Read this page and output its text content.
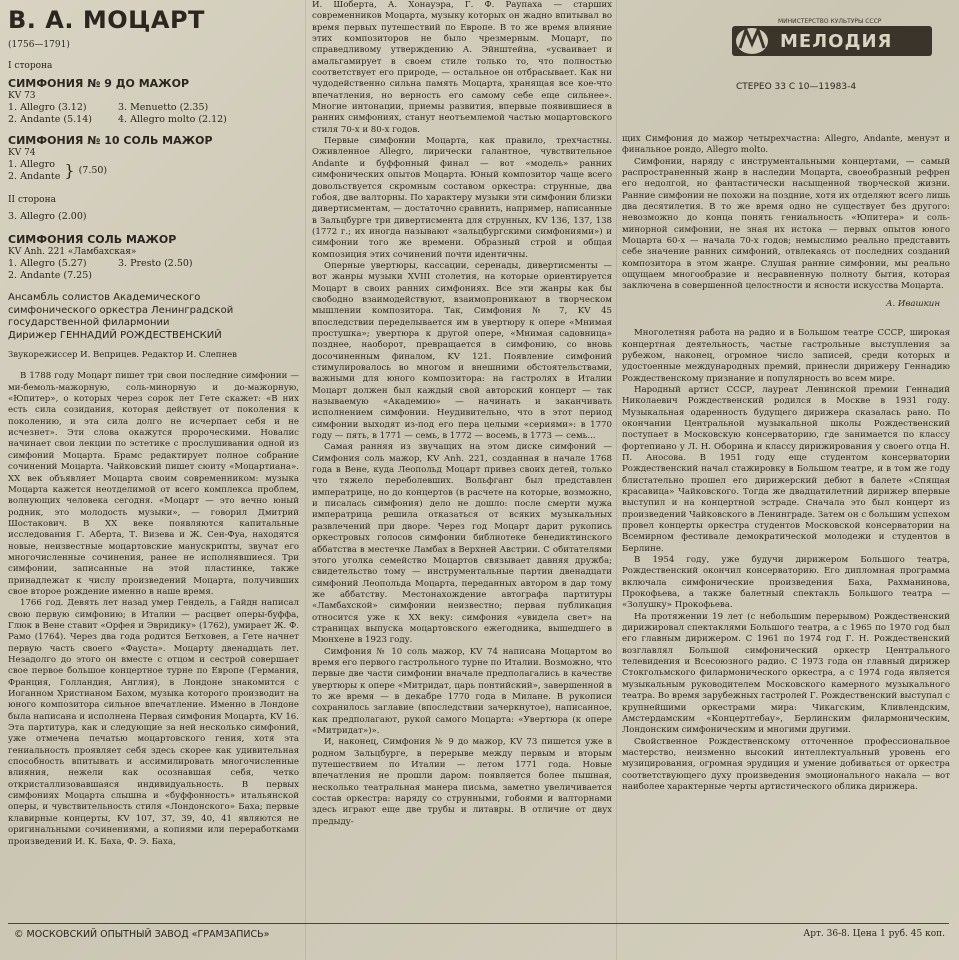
В. А. МОЦАРТ
(1756—1791)
I сторона
СИМФОНИЯ № 9 ДО МАЖОР
KV 73
1. Allegro (3.12)	3. Menuetto (2.35)
2. Andante (5.14)	4. Allegro molto (2.12)
СИМФОНИЯ № 10 СОЛЬ МАЖОР
KV 74
1. Allegro
2. Andante } (7.50)
II сторона
3. Allegro (2.00)
СИМФОНИЯ СОЛЬ МАЖОР
KV Anh. 221 «Ламбахская»
1. Allegro (5.27)	3. Presto (2.50)
2. Andante (7.25)
Ансамбль солистов Академического
симфонического оркестра Ленинградской
государственной филармонии
Дирижер ГЕННАДИЙ РОЖДЕСТВЕНСКИЙ
Звукорежиссер И. Веприцев. Редактор И. Слепнев

В 1788 году Моцарт пишет три свои последние симфонии — ми-бемоль-мажорную, соль-минорную и до-мажорную, «Юпитер», о которых через сорок лет Гете скажет: «В них есть сила созидания, которая действует от поколения к поколению, и эта сила долго не исчерпает себя и не исчезнет». Эти слова окажутся пророческими. Новалис начинает свои лекции по эстетике с прослушивания одной из симфоний Моцарта. Брамс редактирует полное собрание сочинений Моцарта. Чайковский пишет сюиту «Моцартиана». XX век объявляет Моцарта своим современником: музыка Моцарта кажется неотделимой от всего комплекса проблем, волнующих человека сегодня. «Моцарт — это вечно юный родник, это молодость музыки», — говорил Дмитрий Шостакович. В XX веке появляются капитальные исследования Г. Аберта, Т. Визева и Ж. Сен-Фуа, находятся новые, неизвестные моцартовские манускрипты, звучат его многочисленные сочинения, ранее не исполнявшиеся. Три симфонии, записанные на этой пластинке, также принадлежат к числу произведений Моцарта, получивших свое второе рождение именно в наше время.

1766 год. Девять лет назад умер Гендель, а Гайдн написал свою первую симфонию; в Италии — расцвет оперы-буффа, Глюк в Вене ставит «Орфея и Эвридику» (1762), умирает Ж. Ф. Рамо (1764). Через два года родится Бетховен, а Гете начнет первую часть своего «Фауста». Моцарту двенадцать лет. Незадолго до этого он вместе с отцом и сестрой совершает свое первое большое концертное турне по Европе (Германия, Франция, Голландия, Англия), в Лондоне знакомится с Иоганном Христианом Бахом, музыка которого производит на юного композитора сильное впечатление. Именно в Лондоне была написана и исполнена Первая симфония Моцарта, KV 16. Эта партитура, как и следующие за ней несколько симфоний, уже отмечена печатью моцартовского гения, хотя эта гениальность проявляет себя здесь скорее как удивительная способность впитывать и ассимилировать многочисленные влияния, нежели как осознавшая себя, четко откристаллизовавшаяся индивидуальность. В первых симфониях Моцарта слышна и «буффонность» итальянской оперы, и чувствительность стиля «Лондонского» Баха; первые клавирные концерты, KV 107, 37, 39, 40, 41 являются не оригинальными сочинениями, а копиями или переработками произведений И. К. Баха, Ф. Э. Баха,

И. Шоберта, А. Хонауэра, Г. Ф. Раупаха — старших современников Моцарта, музыку которых он жадно впитывал во время первых путешествий по Европе. В то же время влияние этих композиторов не было чрезмерным. Моцарт, по справедливому утверждению А. Эйнштейна, «усваивает и амальгамирует в своем стиле только то, что полностью соответствует его природе, — остальное он отбрасывает. Как ни чудодейственно сильна память Моцарта, хранящая все кое-что впечатления, но верность его самому себе еще сильнее». Многие интонации, приемы развития, впервые появившиеся в ранних симфониях, станут неотъемлемой частью моцартовского стиля 70-х и 80-х годов.

Первые симфонии Моцарта, как правило, трехчастны. Оживленное Allegro, лирически галантное, чувствительное Andante и буффонный финал — вот «модель» ранних симфонических опытов Моцарта. Юный композитор чаще всего довольствуется скромным составом оркестра: струнные, два гобоя, две валторны. По характеру музыки эти симфонии близки дивертисментам, — достаточно сравнить, например, написанные в Зальцбурге три дивертисмента для струнных, KV 136, 137, 138 (1772 г.; их иногда называют «зальцбургскими симфониями») и симфонии того же времени. Образный строй и общая композиция этих сочинений почти идентичны.

Оперные увертюры, кассации, серенады, дивертисменты — вот жанры музыки XVIII столетия, на которые ориентируется Моцарт в своих ранних симфониях. Все эти жанры как бы свободно взаимодействуют, взаимопроникают в творческом мышлении композитора. Так, Симфония № 7, KV 45 впоследствии переделывается им в увертюру к опере «Мнимая простушка»; увертюра к другой опере, «Мнимая садовница» позднее, наоборот, превращается в симфонию, со вновь досочиненным финалом, KV 121. Появление симфоний стимулировалось во многом и внешними обстоятельствами, важными для юного композитора: на гастролях в Италии Моцарт должен был каждый свой авторский концерт — так называемую «Академию» — начинать и заканчивать исполнением симфонии. Неудивительно, что в этот период симфонии выходят из-под его пера целыми «сериями»: в 1770 году — пять, в 1771 — семь, в 1772 — восемь, в 1773 — семь...

Самая ранняя из звучащих на этом диске симфоний — Симфония соль мажор, KV Anh. 221, созданная в начале 1768 года в Вене, куда Леопольд Моцарт привез своих детей, только что тяжело переболевших. Вольфганг был представлен императрице, но до концертов (в расчете на которые, возможно, и писалась симфония) дело не дошло: после смерти мужа императрица решила отказаться от всяких музыкальных развлечений при дворе. Через год Моцарт дарит рукопись оркестровых голосов симфонии библиотеке бенедиктинского аббатства в местечке Ламбах в Верхней Австрии. С обитателями этого уголка семейство Моцартов связывает давняя дружба; свидетельство тому — инструментальные партии двенадцати симфоний Леопольда Моцарта, переданных автором в дар тому же аббатству. Местонахождение автографа партитуры «Ламбахской» симфонии неизвестно; первая публикация относится уже к XX веку: симфония «увидела свет» на страницах выпуска моцартовского ежегодника, вышедшего в Мюнхене в 1923 году.

Симфония № 10 соль мажор, KV 74 написана Моцартом во время его первого гастрольного турне по Италии. Возможно, что первые две части симфонии вначале предполагались в качестве увертюры к опере «Митридат, царь понтийский», завершенной в то же время — в декабре 1770 года в Милане. В рукописи сохранилось заглавие (впоследствии зачеркнутое), написанное, как предполагают, рукой самого Моцарта: «Увертюра (к опере «Митридат»)».

И, наконец, Симфония № 9 до мажор, KV 73 пишется уже в родном Зальцбурге, в перерыве между первым и вторым путешествием по Италии — летом 1771 года. Новые впечатления не прошли даром: появляется более пышная, несколько театральная манера письма, заметно увеличивается состав оркестра: наряду со струнными, гобоями и валторнами здесь играют еще две трубы и литавры. В отличие от двух предыду-

МИНИСТЕРСТВО КУЛЬТУРЫ СССР
МЕЛОДИЯ
СТЕРЕО 33 С 10—11983-4

щих Симфония до мажор четырехчастна: Allegro, Andante, менуэт и финальное рондо, Allegro molto.

Симфонии, наряду с инструментальными концертами, — самый распространенный жанр в наследии Моцарта, своеобразный рефрен его недолгой, но фантастически насыщенной творческой жизни. Ранние симфонии не похожи на поздние, хотя их отделяют всего лишь два десятилетия. В то же время одно не существует без другого: невозможно до конца понять гениальность «Юпитера» и соль-минорной симфонии, не зная их истока — первых опытов юного Моцарта 60-х — начала 70-х годов; немыслимо реально представить себе значение ранних симфоний, отвлекаясь от последних созданий композитора в этом жанре. Слушая ранние симфонии, мы реально ощущаем многообразие и несравненную полноту бытия, которая заключена в совершенной целостности и ясности искусства Моцарта.

А. Ивашкин

Многолетняя работа на радио и в Большом театре СССР, широкая концертная деятельность, частые гастрольные выступления за рубежом, наконец, огромное число записей, среди которых и удостоенные международных премий, принесли дирижеру Геннадию Рождественскому признание и популярность во всем мире.

Народный артист СССР, лауреат Ленинской премии Геннадий Николаевич Рождественский родился в Москве в 1931 году. Музыкальная одаренность будущего дирижера сказалась рано. По окончании Центральной музыкальной школы Рождественский поступает в Московскую консерваторию, где занимается по классу фортепиано у Л. Н. Оборина и классу дирижирования у своего отца Н. П. Аносова. В 1951 году еще студентом консерватории Рождественский начал стажировку в Большом театре, и в том же году блистательно прошел его дирижерский дебют в балете «Спящая красавица» Чайковского. Тогда же двадцатилетний дирижер впервые выступил и на концертной эстраде. Сначала это был концерт из произведений Чайковского в Ленинграде. Затем он с большим успехом провел концерты оркестра студентов Московской консерватории на Всемирном фестивале демократической молодежи и студентов в Берлине.

В 1954 году, уже будучи дирижером Большого театра, Рождественский окончил консерваторию. Его дипломная программа включала симфонические произведения Баха, Рахманинова, Прокофьева, а также балетный спектакль Большого театра — «Золушку» Прокофьева.

На протяжении 19 лет (с небольшим перерывом) Рождественский дирижировал спектаклями Большого театра, а с 1965 по 1970 год был его главным дирижером. С 1961 по 1974 год Г. Н. Рождественский возглавлял Большой симфонический оркестр Центрального телевидения и Всесоюзного радио. С 1973 года он главный дирижер Стокгольмского филармонического оркестра, а с 1974 года является музыкальным руководителем Московского камерного музыкального театра. Во время зарубежных гастролей Г. Рождественский выступал с крупнейшими оркестрами мира: Чикагским, Кливлендским, Амстердамским «Концертгебау», Берлинским филармоническим, Лондонским симфоническим и многими другими.

Свойственное Рождественскому отточенное профессиональное мастерство, неизменно высокий интеллектуальный уровень его музицирования, огромная эрудиция и умение добиваться от оркестра соответствующего духу произведения эмоционального накала — вот наиболее характерные черты артистического облика дирижера.

© МОСКОВСКИЙ ОПЫТНЫЙ ЗАВОД «ГРАМЗАПИСЬ»	Арт. 36-8. Цена 1 руб. 45 коп.
